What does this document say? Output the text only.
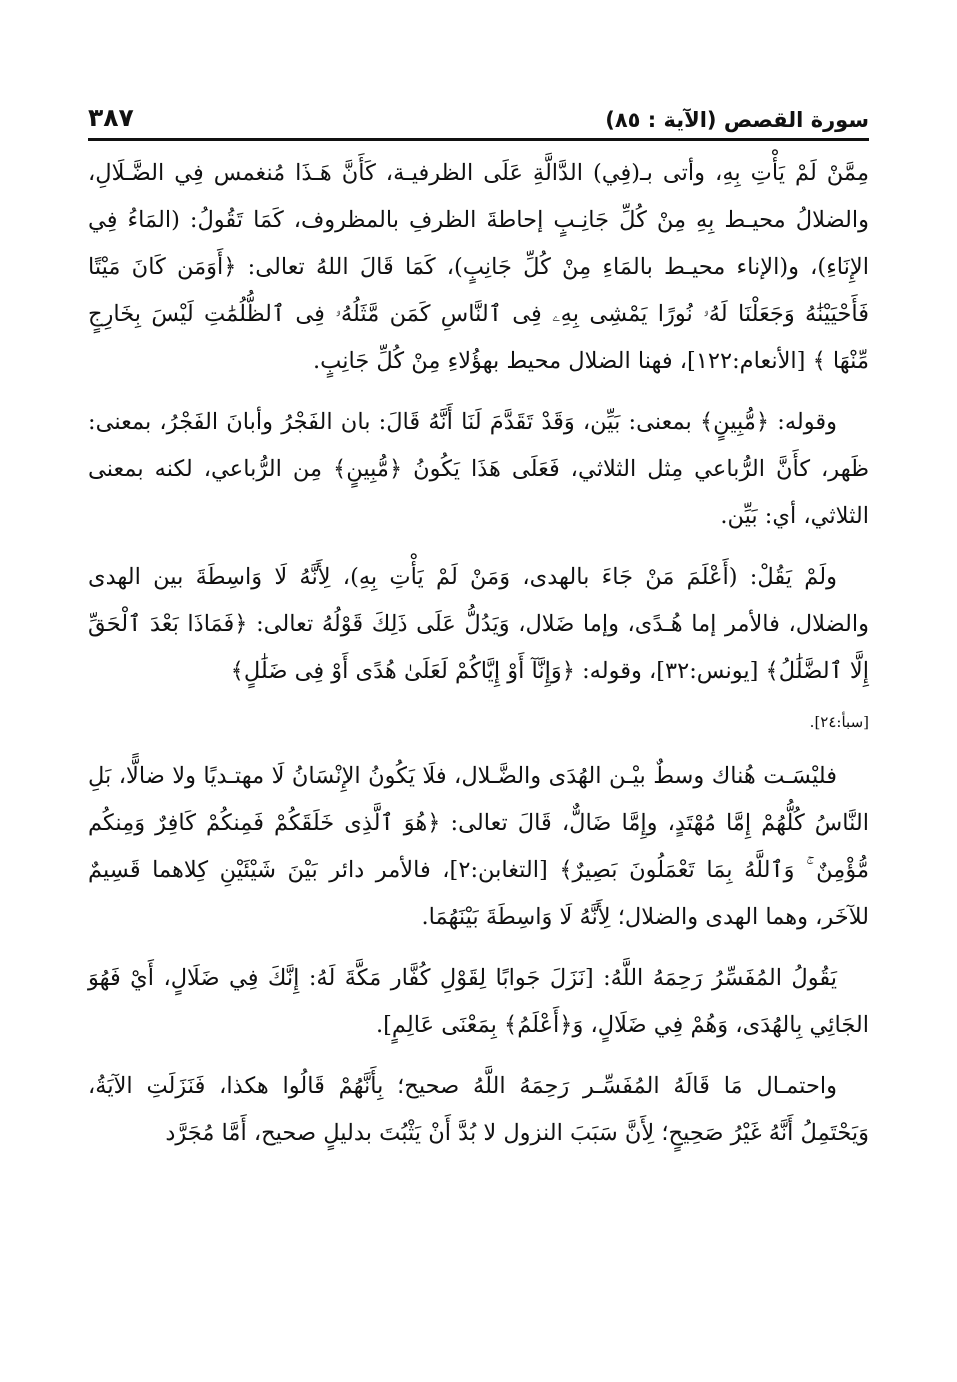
سورة القصص (الآية : ٨٥)
٣٨٧

مِمَّنْ لَمْ يَأْتِ بِهِ، وأتى بـ(فِي) الدَّالَّةِ عَلَى الظرفيـة، كَأَنَّ هَـذَا مُنغمس فِي الضَّـلَالِ، والضلالُ محيـط بِهِ مِنْ كُلِّ جَانِـبٍ إحاطةَ الظرفِ بالمظروف، كَمَا تَقُولُ: (المَاءُ فِي الإِنَاءِ)، و(الإناء محيـط بالمَاءِ مِنْ كُلِّ جَانِبٍ)، كَمَا قَالَ اللهُ تعالى: ﴿أَوَمَن كَانَ مَيْتًا فَأَحْيَيْنَٰهُ وَجَعَلْنَا لَهُۥ نُورًا يَمْشِى بِهِۦ فِى ٱلنَّاسِ كَمَن مَّثَلُهُۥ فِى ٱلظُّلُمَٰتِ لَيْسَ بِخَارِجٍ مِّنْهَا ﴾ [الأنعام:١٢٢]، فهنا الضلال محيط بهؤُلاءِ مِنْ كُلِّ جَانِبٍ.

وقوله: ﴿مُّبِينٍ﴾ بمعنى: بَيِّن، وَقَدْ تَقَدَّمَ لَنَا أَنَّهُ قَالَ: بان الفَجْرُ وأبانَ الفَجْرُ، بمعنى: ظَهر، كأَنَّ الرُّباعي مِثل الثلاثي، فَعَلَى هَذَا يَكُونُ ﴿مُّبِينٍ﴾ مِن الرُّباعي، لكنه بمعنى الثلاثي، أي: بَيِّن.

ولَمْ يَقُلْ: (أَعْلَمَ مَنْ جَاءَ بالهدى، وَمَنْ لَمْ يَأْتِ بِهِ)، لِأَنَّهُ لَا وَاسِطَةَ بين الهدى والضلال، فالأمر إما هُـدًى، وإما ضَلال، وَيَدُلُّ عَلَى ذَلِكَ قَوْلُهُ تعالى: ﴿فَمَاذَا بَعْدَ ٱلْحَقِّ إِلَّا ٱلضَّلَٰلُ﴾ [يونس:٣٢]، وقوله: ﴿وَإِنَّآ أَوْ إِيَّاكُمْ لَعَلَىٰ هُدًى أَوْ فِى ضَلَٰلٍ﴾

[سبأ:٢٤].

فليْسَـت هُناك وسطٌ بيْـن الهُدَى والضَّـلال، فلَا يَكُونُ الإِنْسَانُ لَا مهتـديًا ولا ضالًّا، بَلِ النَّاسُ كُلُّهُمْ إِمَّا مُهْتَدٍ، وإِمَّا ضَالٌّ، قَالَ تعالى: ﴿هُوَ ٱلَّذِى خَلَقَكُمْ فَمِنكُمْ كَافِرٌ وَمِنكُم مُّؤْمِنٌ ۚ وَٱللَّهُ بِمَا تَعْمَلُونَ بَصِيرٌ﴾ [التغابن:٢]، فالأمر دائر بَيْنَ شَيْئَيْنِ كِلاهما قَسِيمٌ للآخَر، وهما الهدى والضلال؛ لِأَنَّهُ لَا وَاسِطَةَ بَيْنَهُمَا.

يَقُولُ المُفَسِّرُ رَحِمَهُ اللَّهُ: [نَزَلَ جَوابًا لِقَوْلِ كُفَّار مَكَّةَ لَهُ: إِنَّكَ فِي ضَلَالٍ، أَيْ فَهُوَ الجَائِي بِالهُدَى، وَهُمْ فِي ضَلَالٍ، وَ﴿أَعْلَمُ﴾ بِمَعْنَى عَالِمٍ].

واحتمـال مَا قَالَهُ المُفَسِّـر رَحِمَهُ اللَّهُ صحيح؛ بِأَنَّهُمْ قَالُوا هكذا، فَنَزَلَتِ الآيَةُ، وَيَحْتَمِلُ أَنَّهُ غَيْرُ صَحِيحٍ؛ لِأَنَّ سَبَبَ النزول لا بُدَّ أَنْ يَثْبُتَ بدليلٍ صحيح، أَمَّا مُجَرَّد
